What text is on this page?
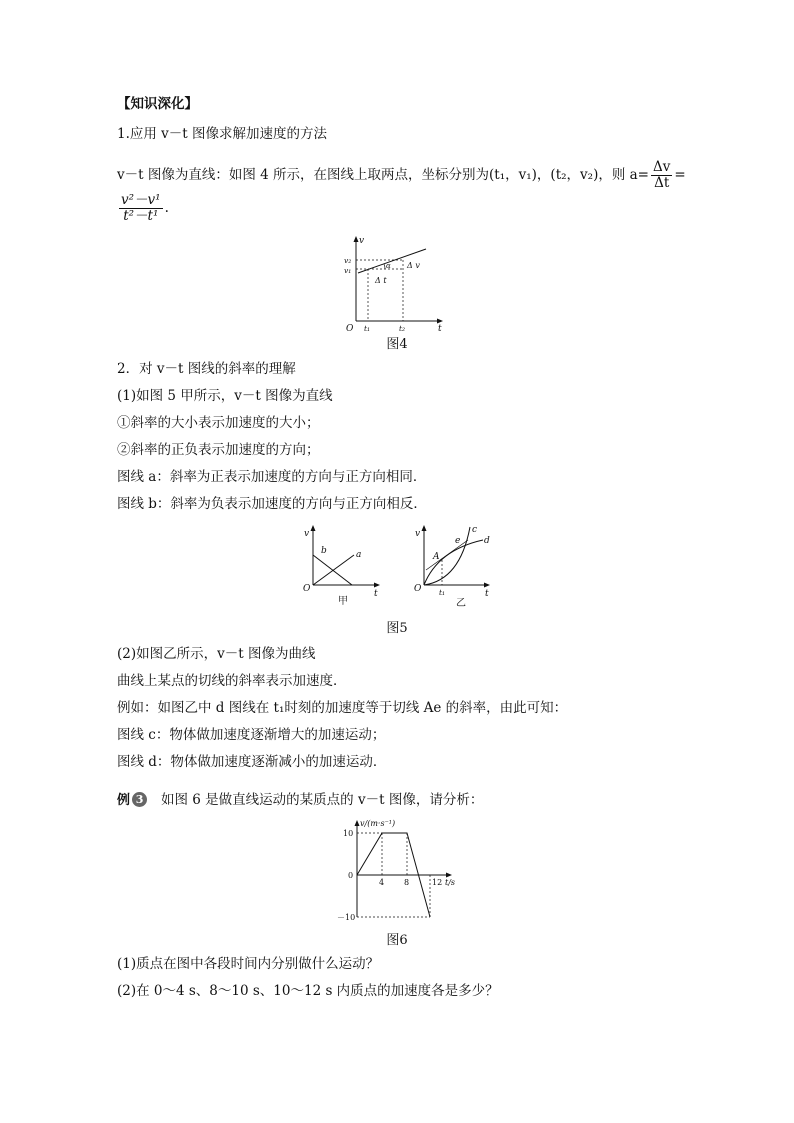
【知识深化】
1.应用 v－t 图像求解加速度的方法
v－t 图像为直线：如图 4 所示，在图线上取两点，坐标分别为(t₁，v₁)，(t₂，v₂)，则 $a= \frac{\Delta v}{\Delta t}$ =
$\frac{\text{v²－v¹}}{\text{t²－t¹}}$ .
v
t
O
v₂
v₁
t₁	t₂
Δ v
Δ t
α
图4
2．对 v－t 图线的斜率的理解
(1)如图 5 甲所示，v－t 图像为直线
①斜率的大小表示加速度的大小；
②斜率的正负表示加速度的方向；
图线 a：斜率为正表示加速度的方向与正方向相同．
图线 b：斜率为负表示加速度的方向与正方向相反．
v
t
O
a
b
甲
v
t
O
A
e
c
d
t₁
乙
图5
(2)如图乙所示，v－t 图像为曲线
曲线上某点的切线的斜率表示加速度．
例如：如图乙中 d 图线在 t₁时刻的加速度等于切线 Ae 的斜率，由此可知：
图线 c：物体做加速度逐渐增大的加速运动；
图线 d：物体做加速度逐渐减小的加速运动．
例 3 如图 6 是做直线运动的某质点的 v－t 图像，请分析：
v/(m·s⁻¹)
10
0
－10
4 8	12 t/s
图6
(1)质点在图中各段时间内分别做什么运动？
(2)在 0～4 s、8～10 s、10～12 s 内质点的加速度各是多少？
